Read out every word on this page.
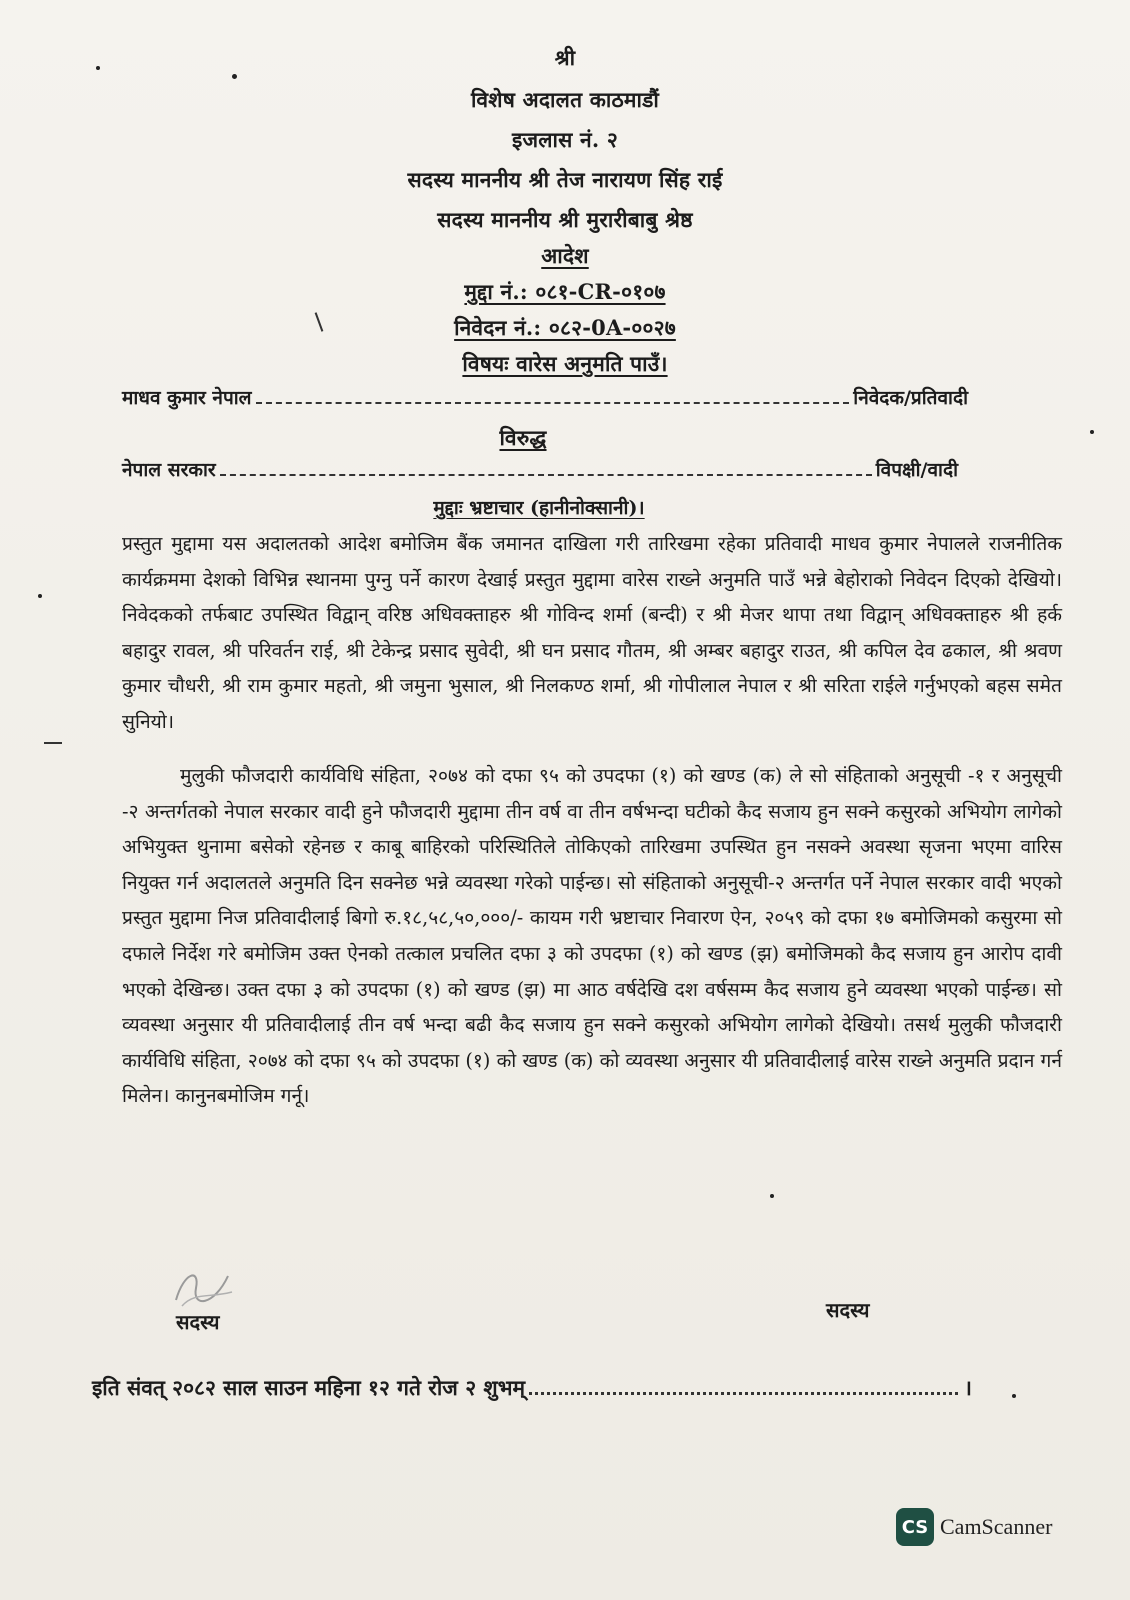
श्री
विशेष अदालत काठमाडौं
इजलास नं. २
सदस्य माननीय श्री तेज नारायण सिंह राई
सदस्य माननीय श्री मुरारीबाबु श्रेष्ठ
आदेश
मुद्दा नं.: ०८१-CR-०१०७
निवेदन नं.: ०८२-0A-००२७
विषयः वारेस अनुमति पाउँ।
माधव कुमार नेपाल	निवेदक/प्रतिवादी
विरुद्ध
नेपाल सरकार	विपक्षी/वादी
मुद्दाः भ्रष्टाचार (हानीनोक्सानी)।
प्रस्तुत मुद्दामा यस अदालतको आदेश बमोजिम बैंक जमानत दाखिला गरी तारिखमा रहेका प्रतिवादी माधव कुमार नेपालले राजनीतिक कार्यक्रममा देशको विभिन्न स्थानमा पुग्नु पर्ने कारण देखाई प्रस्तुत मुद्दामा वारेस राख्ने अनुमति पाउँ भन्ने बेहोराको निवेदन दिएको देखियो। निवेदकको तर्फबाट उपस्थित विद्वान् वरिष्ठ अधिवक्ताहरु श्री गोविन्द शर्मा (बन्दी) र श्री मेजर थापा तथा विद्वान् अधिवक्ताहरु श्री हर्क बहादुर रावल, श्री परिवर्तन राई, श्री टेकेन्द्र प्रसाद सुवेदी, श्री घन प्रसाद गौतम, श्री अम्बर बहादुर राउत, श्री कपिल देव ढकाल, श्री श्रवण कुमार चौधरी, श्री राम कुमार महतो, श्री जमुना भुसाल, श्री निलकण्ठ शर्मा, श्री गोपीलाल नेपाल र श्री सरिता राईले गर्नुभएको बहस समेत सुनियो।
मुलुकी फौजदारी कार्यविधि संहिता, २०७४ को दफा ९५ को उपदफा (१) को खण्ड (क) ले सो संहिताको अनुसूची -१ र अनुसूची -२ अन्तर्गतको नेपाल सरकार वादी हुने फौजदारी मुद्दामा तीन वर्ष वा तीन वर्षभन्दा घटीको कैद सजाय हुन सक्ने कसुरको अभियोग लागेको अभियुक्त थुनामा बसेको रहेनछ र काबू बाहिरको परिस्थितिले तोकिएको तारिखमा उपस्थित हुन नसक्ने अवस्था सृजना भएमा वारिस नियुक्त गर्न अदालतले अनुमति दिन सक्नेछ भन्ने व्यवस्था गरेको पाईन्छ। सो संहिताको अनुसूची-२ अन्तर्गत पर्ने नेपाल सरकार वादी भएको प्रस्तुत मुद्दामा निज प्रतिवादीलाई बिगो रु.१८,५८,५०,०००/- कायम गरी भ्रष्टाचार निवारण ऐन, २०५९ को दफा १७ बमोजिमको कसुरमा सो दफाले निर्देश गरे बमोजिम उक्त ऐनको तत्काल प्रचलित दफा ३ को उपदफा (१) को खण्ड (झ) बमोजिमको कैद सजाय हुन आरोप दावी भएको देखिन्छ। उक्त दफा ३ को उपदफा (१) को खण्ड (झ) मा आठ वर्षदेखि दश वर्षसम्म कैद सजाय हुने व्यवस्था भएको पाईन्छ। सो व्यवस्था अनुसार यी प्रतिवादीलाई तीन वर्ष भन्दा बढी कैद सजाय हुन सक्ने कसुरको अभियोग लागेको देखियो। तसर्थ मुलुकी फौजदारी कार्यविधि संहिता, २०७४ को दफा ९५ को उपदफा (१) को खण्ड (क) को व्यवस्था अनुसार यी प्रतिवादीलाई वारेस राख्ने अनुमति प्रदान गर्न मिलेन। कानुनबमोजिम गर्नू।
सदस्य	सदस्य
इति संवत् २०८२ साल साउन महिना १२ गते रोज २ शुभम्	।
CS CamScanner
